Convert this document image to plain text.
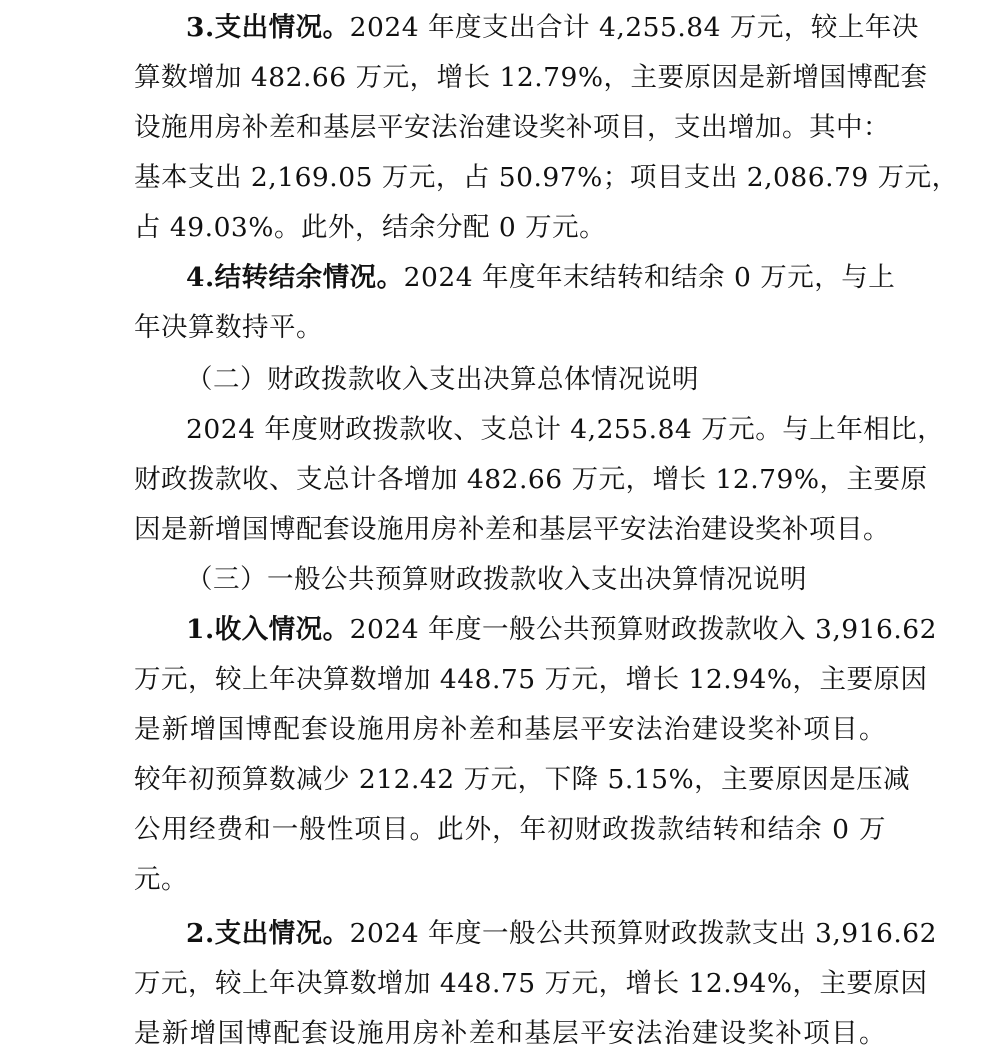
3.支出情况。2024 年度支出合计 4,255.84 万元，较上年决
算数增加 482.66 万元，增长 12.79%，主要原因是新增国博配套
设施用房补差和基层平安法治建设奖补项目，支出增加。其中：
基本支出 2,169.05 万元，占 50.97%；项目支出 2,086.79 万元，
占 49.03%。此外，结余分配 0 万元。
4.结转结余情况。2024 年度年末结转和结余 0 万元，与上
年决算数持平。
（二）财政拨款收入支出决算总体情况说明
2024 年度财政拨款收、支总计 4,255.84 万元。与上年相比，
财政拨款收、支总计各增加 482.66 万元，增长 12.79%，主要原
因是新增国博配套设施用房补差和基层平安法治建设奖补项目。
（三）一般公共预算财政拨款收入支出决算情况说明
1.收入情况。2024 年度一般公共预算财政拨款收入 3,916.62
万元，较上年决算数增加 448.75 万元，增长 12.94%，主要原因
是新增国博配套设施用房补差和基层平安法治建设奖补项目。
较年初预算数减少 212.42 万元，下降 5.15%，主要原因是压减
公用经费和一般性项目。此外，年初财政拨款结转和结余 0 万
元。
2.支出情况。2024 年度一般公共预算财政拨款支出 3,916.62
万元，较上年决算数增加 448.75 万元，增长 12.94%，主要原因
是新增国博配套设施用房补差和基层平安法治建设奖补项目。
